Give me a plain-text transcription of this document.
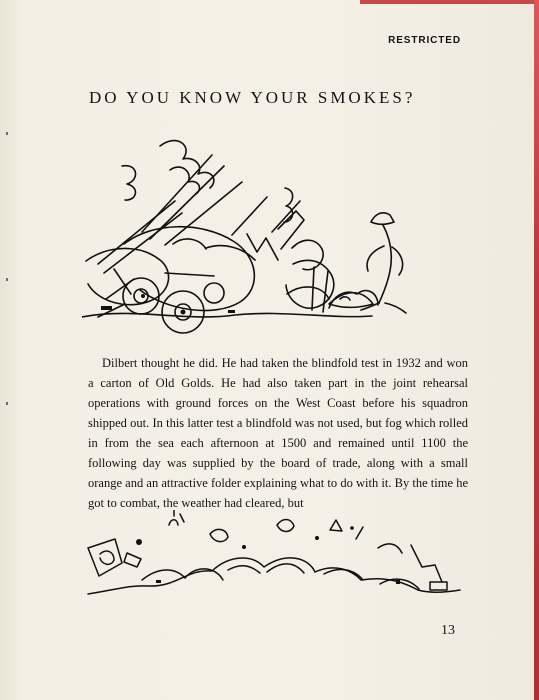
RESTRICTED
DO YOU KNOW YOUR SMOKES?
Dilbert thought he did. He had taken the blindfold test in 1932 and won a carton of Old Golds. He had also taken part in the joint rehearsal operations with ground forces on the West Coast before his squadron shipped out. In this latter test a blindfold was not used, but fog which rolled in from the sea each afternoon at 1500 and remained until 1100 the following day was supplied by the board of trade, along with a small orange and an attractive folder explaining what to do with it. By the time he got to combat, the weather had cleared, but
13
